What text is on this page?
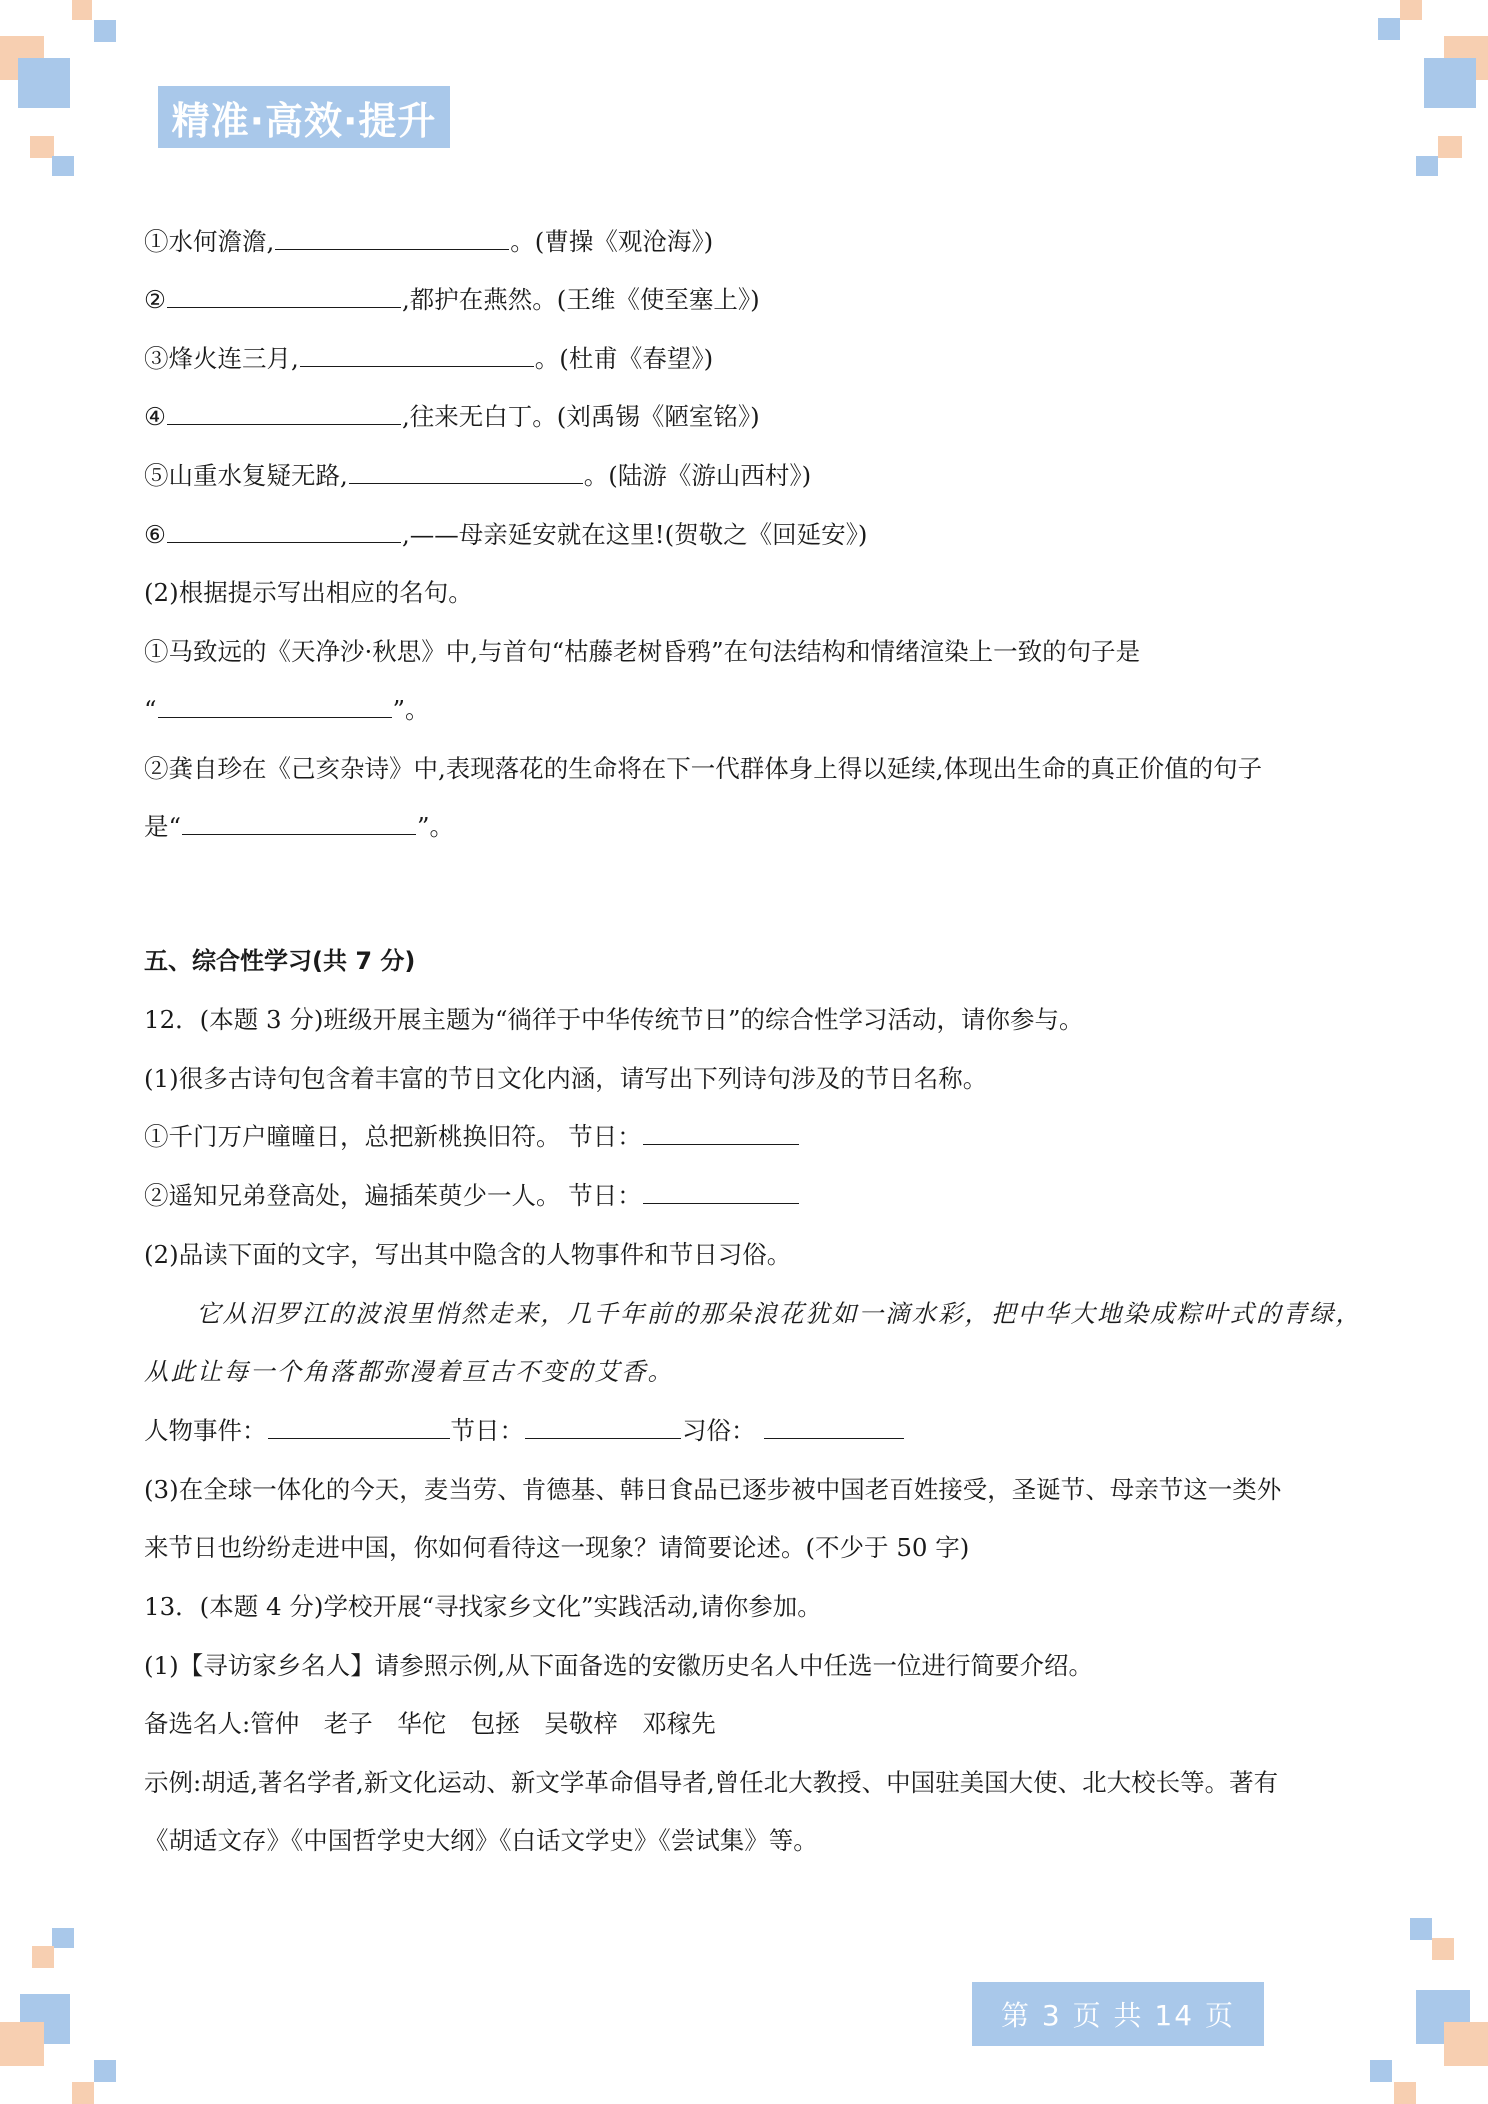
精准·高效·提升
①水何澹澹,	。(曹操《观沧海》)
②	,都护在燕然。(王维《使至塞上》)
③烽火连三月,	。(杜甫《春望》)
④	,往来无白丁。(刘禹锡《陋室铭》)
⑤山重水复疑无路,	。(陆游《游山西村》)
⑥	,——母亲延安就在这里!(贺敬之《回延安》)
(2)根据提示写出相应的名句。
①马致远的《天净沙·秋思》中,与首句“枯藤老树昏鸦”在句法结构和情绪渲染上一致的句子是
“	”。
②龚自珍在《己亥杂诗》中,表现落花的生命将在下一代群体身上得以延续,体现出生命的真正价值的句子
是“	”。
五、综合性学习(共 7 分)
12．(本题 3 分)班级开展主题为“徜徉于中华传统节日”的综合性学习活动，请你参与。
(1)很多古诗句包含着丰富的节日文化内涵，请写出下列诗句涉及的节日名称。
①千门万户曈曈日，总把新桃换旧符。 节日：
②遥知兄弟登高处，遍插茱萸少一人。 节日：
(2)品读下面的文字，写出其中隐含的人物事件和节日习俗。
它从汨罗江的波浪里悄然走来，几千年前的那朵浪花犹如一滴水彩，把中华大地染成粽叶式的青绿，
从此让每一个角落都弥漫着亘古不变的艾香。
人物事件：	节日：	习俗：
(3)在全球一体化的今天，麦当劳、肯德基、韩日食品已逐步被中国老百姓接受，圣诞节、母亲节这一类外
来节日也纷纷走进中国，你如何看待这一现象？请简要论述。(不少于 50 字)
13．(本题 4 分)学校开展“寻找家乡文化”实践活动,请你参加。
(1)【寻访家乡名人】请参照示例,从下面备选的安徽历史名人中任选一位进行简要介绍。
备选名人:管仲　老子　华佗　包拯　吴敬梓　邓稼先
示例:胡适,著名学者,新文化运动、新文学革命倡导者,曾任北大教授、中国驻美国大使、北大校长等。著有
《胡适文存》《中国哲学史大纲》《白话文学史》《尝试集》等。
第 3 页 共 14 页
